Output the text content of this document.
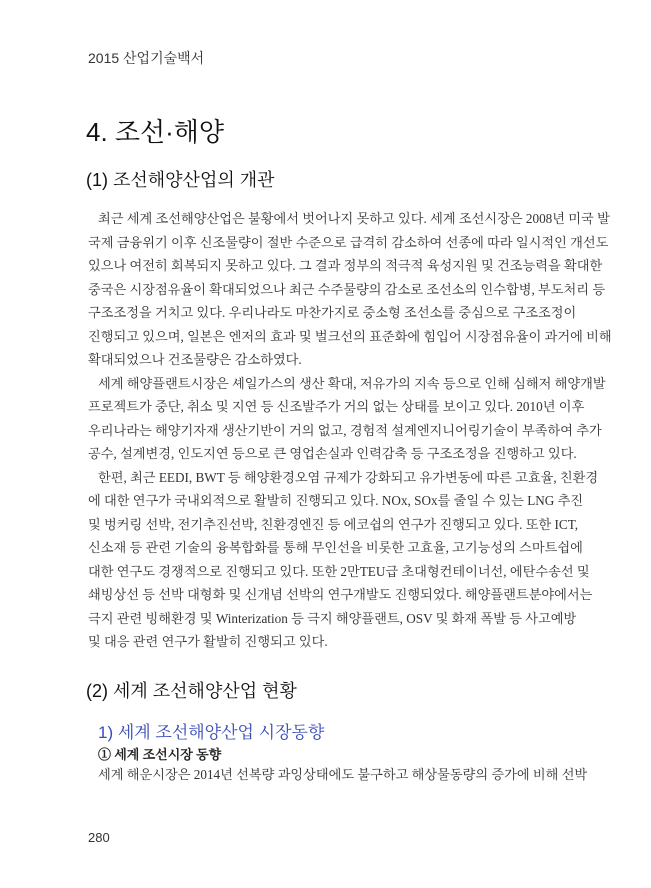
2015 산업기술백서
4. 조선·해양
(1) 조선해양산업의 개관
최근 세계 조선해양산업은 불황에서 벗어나지 못하고 있다. 세계 조선시장은 2008년 미국 발
국제 금융위기 이후 신조물량이 절반 수준으로 급격히 감소하여 선종에 따라 일시적인 개선도
있으나 여전히 회복되지 못하고 있다. 그 결과 정부의 적극적 육성지원 및 건조능력을 확대한
중국은 시장점유율이 확대되었으나 최근 수주물량의 감소로 조선소의 인수합병, 부도처리 등
구조조정을 거치고 있다. 우리나라도 마찬가지로 중소형 조선소를 중심으로 구조조정이
진행되고 있으며, 일본은 엔저의 효과 및 벌크선의 표준화에 힘입어 시장점유율이 과거에 비해
확대되었으나 건조물량은 감소하였다.
세계 해양플랜트시장은 셰일가스의 생산 확대, 저유가의 지속 등으로 인해 심해저 해양개발
프로젝트가 중단, 취소 및 지연 등 신조발주가 거의 없는 상태를 보이고 있다. 2010년 이후
우리나라는 해양기자재 생산기반이 거의 없고, 경험적 설계엔지니어링기술이 부족하여 추가
공수, 설계변경, 인도지연 등으로 큰 영업손실과 인력감축 등 구조조정을 진행하고 있다.
한편, 최근 EEDI, BWT 등 해양환경오염 규제가 강화되고 유가변동에 따른 고효율, 친환경
에 대한 연구가 국내외적으로 활발히 진행되고 있다. NOx, SOx를 줄일 수 있는 LNG 추진
및 벙커링 선박, 전기추진선박, 친환경엔진 등 에코쉽의 연구가 진행되고 있다. 또한 ICT,
신소재 등 관련 기술의 융복합화를 통해 무인선을 비롯한 고효율, 고기능성의 스마트쉽에
대한 연구도 경쟁적으로 진행되고 있다. 또한 2만TEU급 초대형컨테이너선, 에탄수송선 및
쇄빙상선 등 선박 대형화 및 신개념 선박의 연구개발도 진행되었다. 해양플랜트분야에서는
극지 관련 빙해환경 및 Winterization 등 극지 해양플랜트, OSV 및 화재 폭발 등 사고예방
및 대응 관련 연구가 활발히 진행되고 있다.
(2) 세계 조선해양산업 현황
1) 세계 조선해양산업 시장동향
① 세계 조선시장 동향
세계 해운시장은 2014년 선복량 과잉상태에도 불구하고 해상물동량의 증가에 비해 선박
280
